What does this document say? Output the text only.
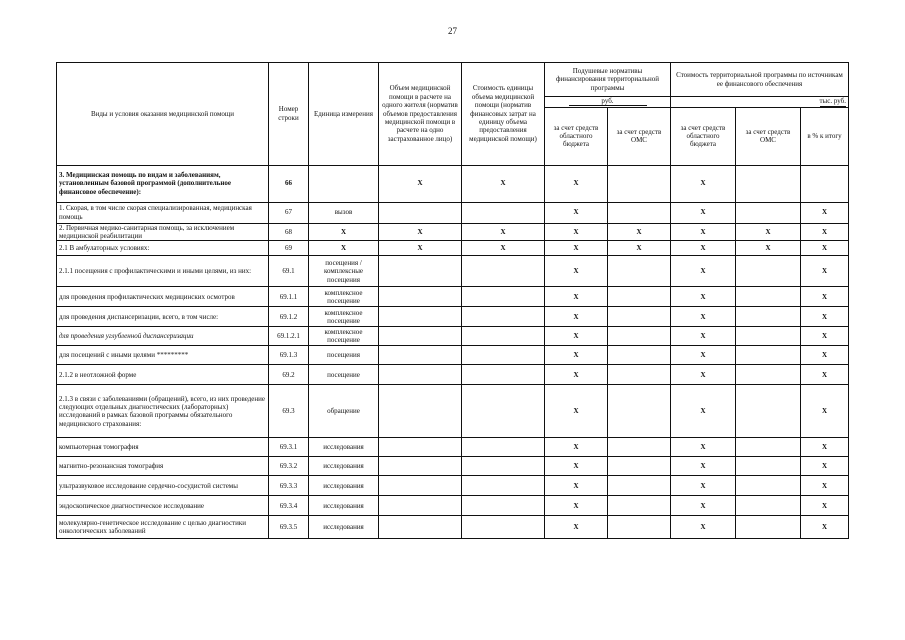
27
Виды и условия оказания медицинской помощи	Номер строки	Единица измерения	Объем медицинской помощи в расчете на одного жителя (норматив объемов предоставления медицинской помощи в расчете на одно застрахованное лицо)	Стоимость единицы объема медицинской помощи (норматив финансовых затрат на единицу объема предоставления медицинской помощи)	Подушевые нормативы финансирования территориальной программы		Стоимость территориальной программы по источникам ее финансового обеспечения		

					руб.		тыс. руб.		
					за счет средств областного бюджета	за счет средств ОМС	за счет средств областного бюджета	за счет средств ОМС	в % к итогу
3. Медицинская помощь по видам и заболеваниям, установленным базовой программой (дополнительное финансовое обеспечение):	66		X	X	X		X		
1. Скорая, в том числе скорая специализированная, медицинская помощь	67	вызов			X		X		X
2. Первичная медико-санитарная помощь, за исключением медицинской реабилитации	68	X	X	X	X	X	X	X	X
2.1 В амбулаторных условиях:	69	X	X	X	X	X	X	X	X
2.1.1 посещения с профилактическими и иными целями, из них:	69.1	посещения / комплексные посещения			X		X		X
для проведения профилактических медицинских осмотров	69.1.1	комплексное посещение			X		X		X
для проведения диспансеризации, всего, в том числе:	69.1.2	комплексное посещение			X		X		X
для проведения углубленной диспансеризации	69.1.2.1	комплексное посещение			X		X		X
для посещений с иными целями *********	69.1.3	посещения			X		X		X
2.1.2 в неотложной форме	69.2	посещение			X		X		X
2.1.3 в связи с заболеваниями (обращений), всего, из них проведение следующих отдельных диагностических (лабораторных) исследований в рамках базовой программы обязательного медицинского страхования:	69.3	обращение			X		X		X
компьютерная томография	69.3.1	исследования			X		X		X
магнитно-резонансная томография	69.3.2	исследования			X		X		X
ультразвуковое исследование сердечно-сосудистой системы	69.3.3	исследования			X		X		X
эндоскопическое диагностическое исследование	69.3.4	исследования			X		X		X
молекулярно-генетическое исследование с целью диагностики онкологических заболеваний	69.3.5	исследования			X		X		X
